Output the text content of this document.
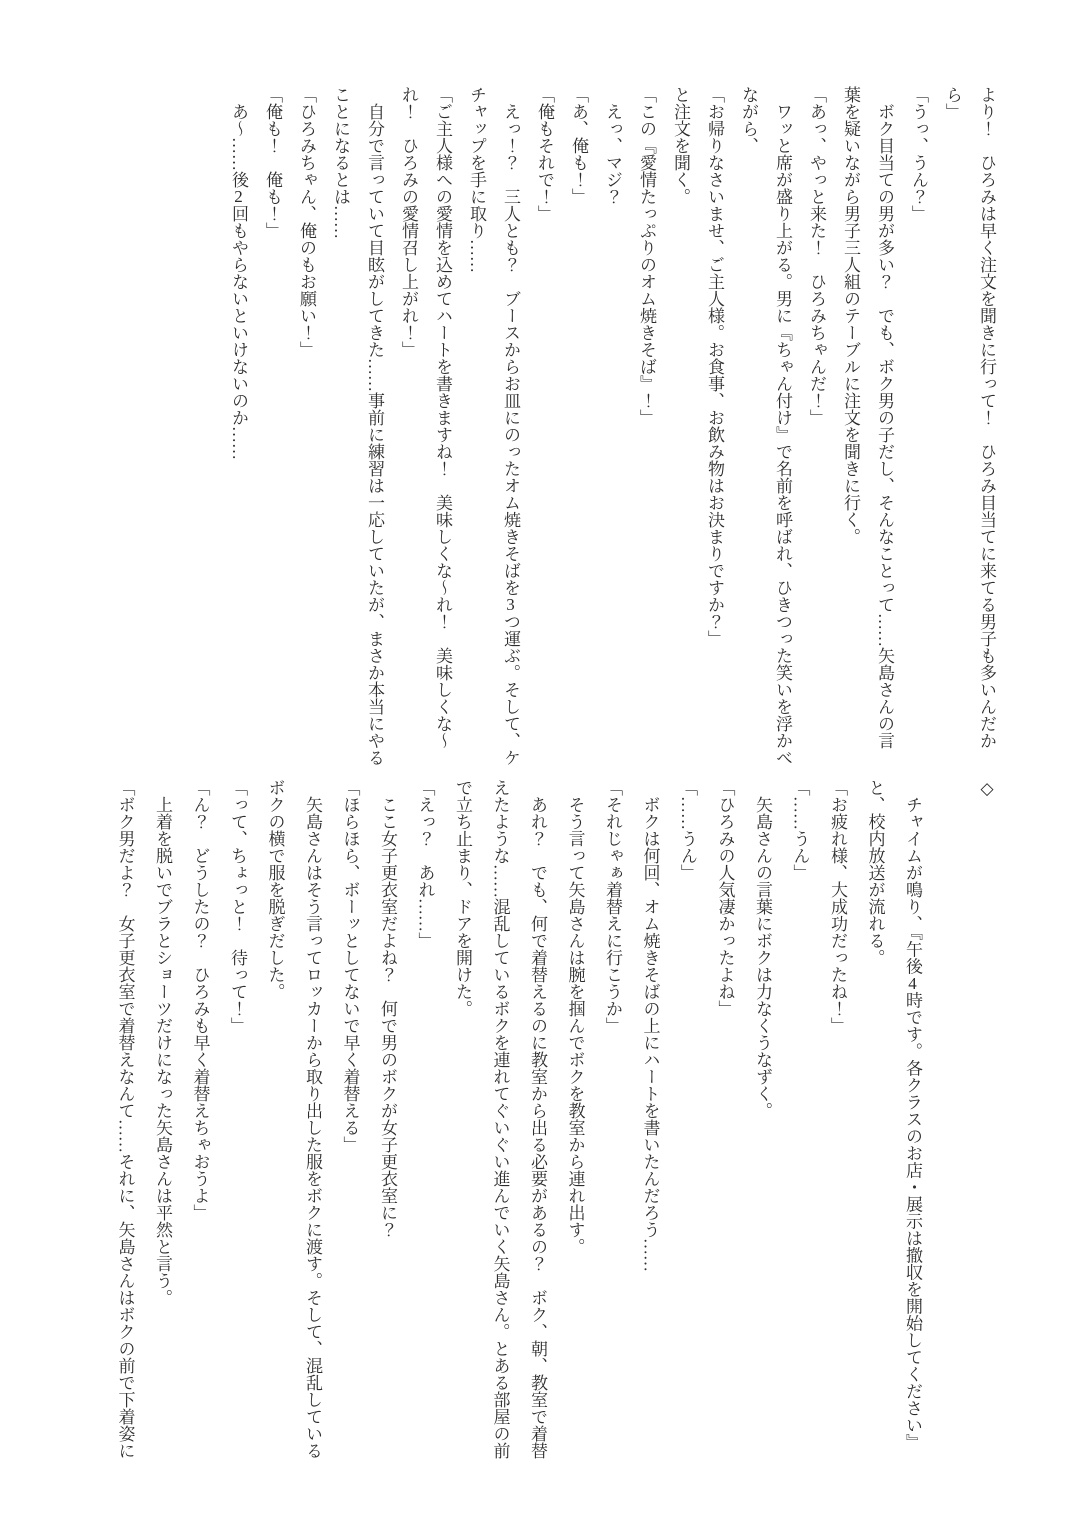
より！　ひろみは早く注文を聞きに行って！　ひろみ目当てに来てる男子も多いんだか

ら」

「うっ、うん？」

　ボク目当ての男が多い？　でも、ボク男の子だし、そんなことって……矢島さんの言

葉を疑いながら男子三人組のテーブルに注文を聞きに行く。

「あっ、やっと来た！　ひろみちゃんだ！」

　ワッと席が盛り上がる。男に『ちゃん付け』で名前を呼ばれ、ひきつった笑いを浮かべ

ながら、

「お帰りなさいませ、ご主人様。お食事、お飲み物はお決まりですか？」

と注文を聞く。

「この『愛情たっぷりのオム焼きそば』！」

　えっ、マジ？

「あ、俺も！」

「俺もそれで！」

　えっ！？　三人とも？　ブースからお皿にのったオム焼きそばを3つ運ぶ。そして、ケ

チャップを手に取り……

「ご主人様への愛情を込めてハートを書きますね！　美味しくな〜れ！　美味しくな〜

れ！　ひろみの愛情召し上がれ！」

　自分で言っていて目眩がしてきた……事前に練習は一応していたが、まさか本当にやる

ことになるとは……

「ひろみちゃん、俺のもお願い！」

「俺も！　俺も！」

　あ〜……後2回もやらないといけないのか……

◇

　チャイムが鳴り、『午後4時です。各クラスのお店・展示は撤収を開始してください』

と、校内放送が流れる。

「お疲れ様、大成功だったね！」

「……うん」

　矢島さんの言葉にボクは力なくうなずく。

「ひろみの人気凄かったよね」

「……うん」

　ボクは何回、オム焼きそばの上にハートを書いたんだろう……

「それじゃぁ着替えに行こうか」

　そう言って矢島さんは腕を掴んでボクを教室から連れ出す。

　あれ？　でも、何で着替えるのに教室から出る必要があるの？　ボク、朝、教室で着替

えたような……混乱しているボクを連れてぐいぐい進んでいく矢島さん。とある部屋の前

で立ち止まり、ドアを開けた。

「えっ？　あれ……」

　ここ女子更衣室だよね？　何で男のボクが女子更衣室に？

「ほらほら、ボーッとしてないで早く着替える」

　矢島さんはそう言ってロッカーから取り出した服をボクに渡す。そして、混乱している

ボクの横で服を脱ぎだした。

「って、ちょっと！　待って！」

「ん？　どうしたの？　ひろみも早く着替えちゃおうよ」

　上着を脱いでブラとショーツだけになった矢島さんは平然と言う。

「ボク男だよ？　女子更衣室で着替えなんて……それに、矢島さんはボクの前で下着姿に
